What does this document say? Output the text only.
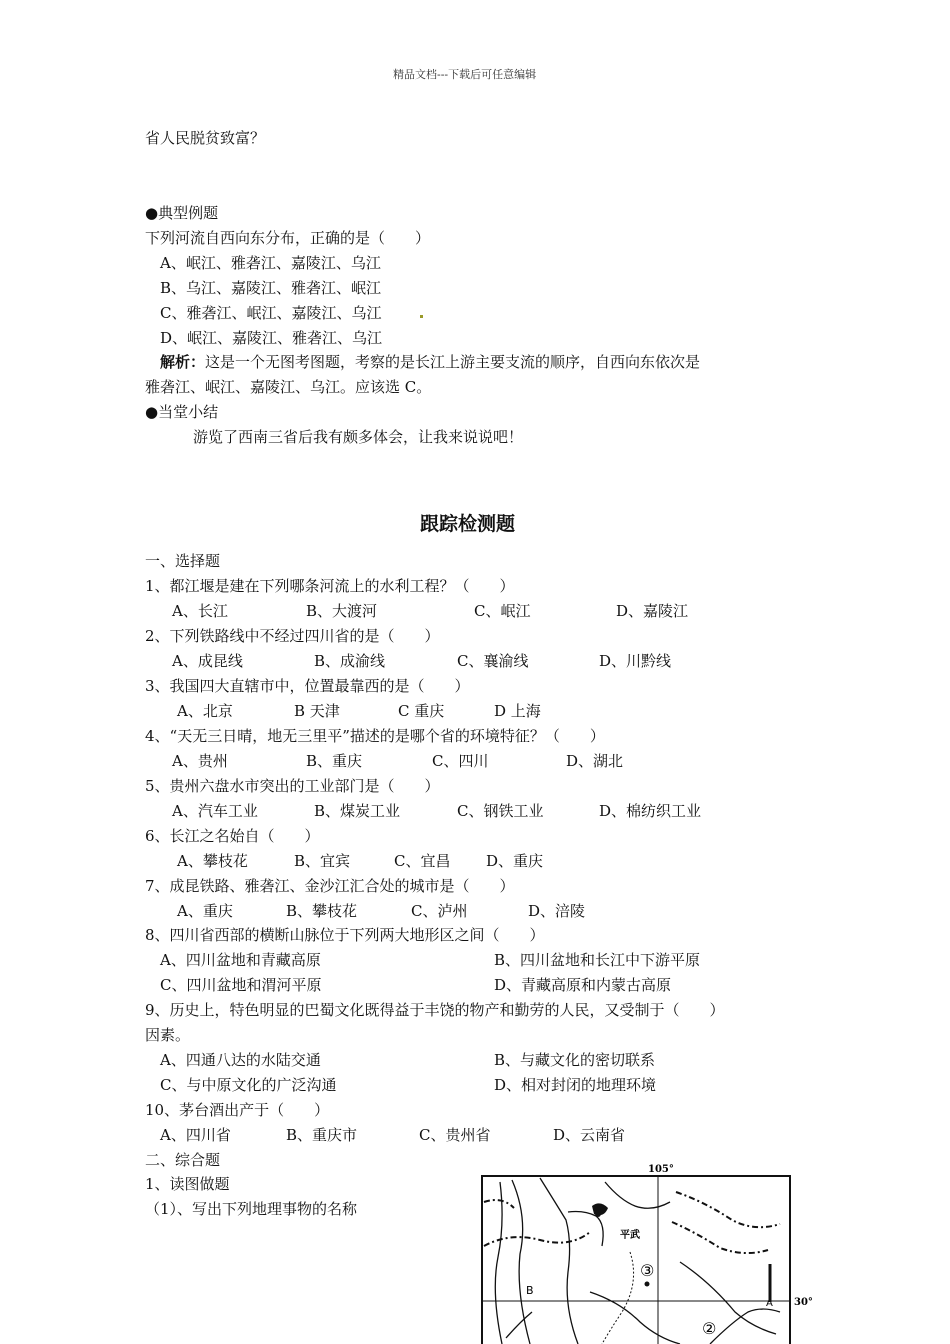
精品文档---下载后可任意编辑
省人民脱贫致富？
●典型例题
下列河流自西向东分布，正确的是（　　）
A、岷江、雅砻江、嘉陵江、乌江
B、乌江、嘉陵江、雅砻江、岷江
C、雅砻江、岷江、嘉陵江、乌江
D、岷江、嘉陵江、雅砻江、乌江
解析：这是一个无图考图题，考察的是长江上游主要支流的顺序，自西向东依次是
雅砻江、岷江、嘉陵江、乌江。应该选 C。
●当堂小结
游览了西南三省后我有颇多体会，让我来说说吧！
跟踪检测题
一、选择题
1、都江堰是建在下列哪条河流上的水利工程？（　　）
A、长江	B、大渡河	C、岷江	D、嘉陵江
2、下列铁路线中不经过四川省的是（　　）
A、成昆线	B、成渝线	C、襄渝线	D、川黔线
3、我国四大直辖市中，位置最靠西的是（　　）
A、北京	B 天津	C 重庆	D 上海
4、“天无三日晴，地无三里平”描述的是哪个省的环境特征？（　　）
A、贵州	B、重庆	C、四川	D、湖北
5、贵州六盘水市突出的工业部门是（　　）
A、汽车工业	B、煤炭工业	C、钢铁工业	D、棉纺织工业
6、长江之名始自（　　）
A、攀枝花	B、宜宾	C、宜昌 D、重庆
7、成昆铁路、雅砻江、金沙江汇合处的城市是（　　）
A、重庆	B、攀枝花	C、泸州	D、涪陵
8、四川省西部的横断山脉位于下列两大地形区之间（　　）
A、四川盆地和青藏高原	B、四川盆地和长江中下游平原
C、四川盆地和渭河平原	D、青藏高原和内蒙古高原
9、历史上，特色明显的巴蜀文化既得益于丰饶的物产和勤劳的人民，又受制于（　　）
因素。
A、四通八达的水陆交通	B、与藏文化的密切联系
C、与中原文化的广泛沟通	D、相对封闭的地理环境
10、茅台酒出产于（　　）
A、四川省	B、重庆市	C、贵州省	D、云南省
二、综合题
1、读图做题
（1）、写出下列地理事物的名称
105°
30°
平武
③
②
B
A
